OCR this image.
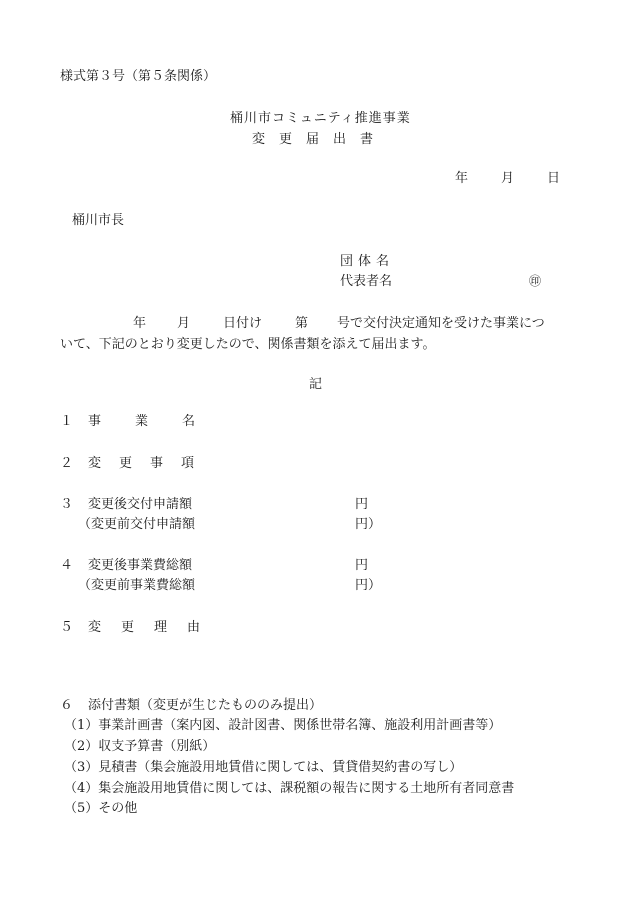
様式第３号（第５条関係）
桶川市コミュニティ推進事業
変更届出書
年	月	日
桶川市長
団体名
代表者名	㊞
年 月	日付け	第 号で交付決定通知を受けた事業につ
いて、下記のとおり変更したので、関係書類を添えて届出ます。
記
１ 事業名
２ 変更事項
３ 変更後交付申請額	円
（変更前交付申請額	円）
４ 変更後事業費総額	円
（変更前事業費総額	円）
５ 変更理由
６ 添付書類（変更が生じたもののみ提出）
（1）事業計画書（案内図、設計図書、関係世帯名簿、施設利用計画書等）
（2）収支予算書（別紙）
（3）見積書（集会施設用地賃借に関しては、賃貸借契約書の写し）
（4）集会施設用地賃借に関しては、課税額の報告に関する土地所有者同意書
（5）その他
